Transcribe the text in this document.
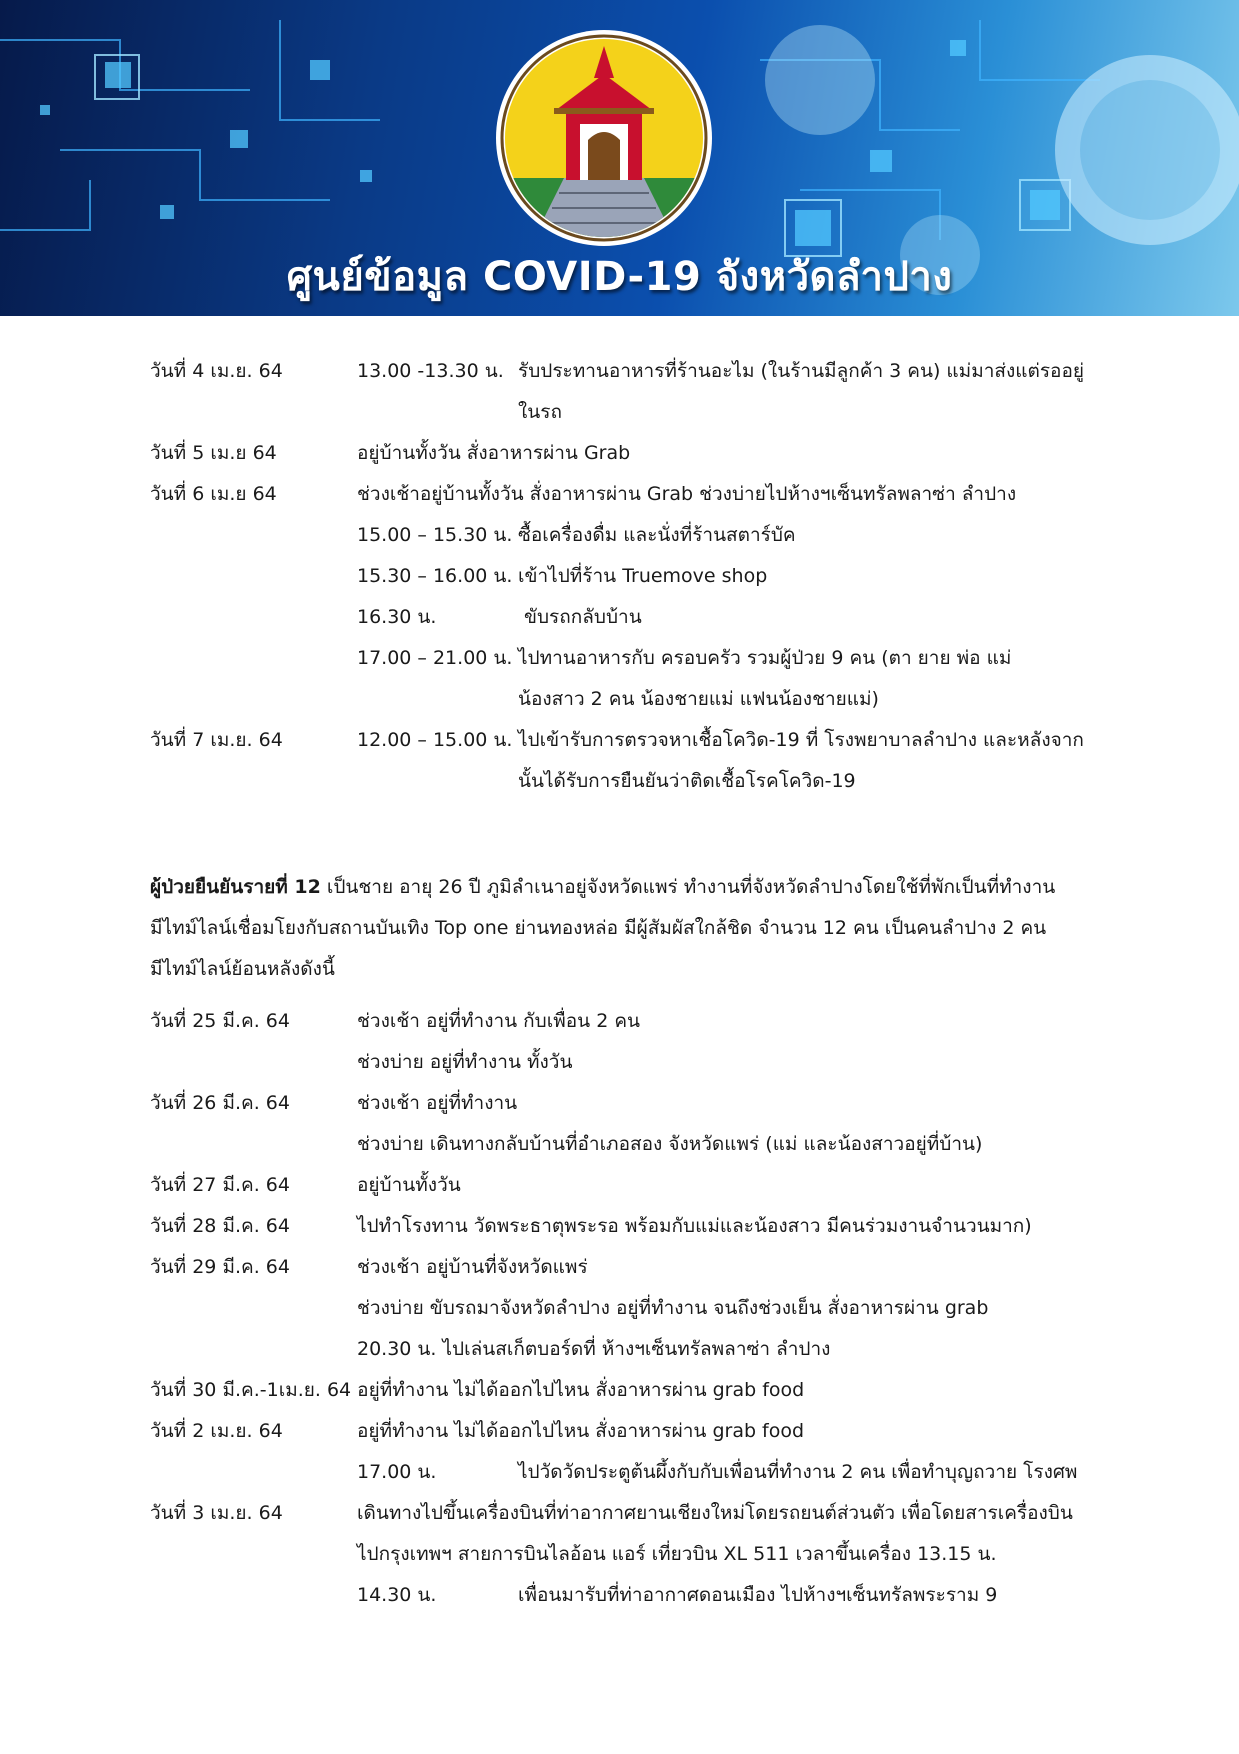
ศูนย์ข้อมูล COVID-19 จังหวัดลำปาง
วันที่ 4 เม.ย. 64	13.00 -13.30 น. รับประทานอาหารที่ร้านอะไม (ในร้านมีลูกค้า 3 คน) แม่มาส่งแต่รออยู่
ในรถ
วันที่ 5 เม.ย 64	อยู่บ้านทั้งวัน สั่งอาหารผ่าน Grab
วันที่ 6 เม.ย 64	ช่วงเช้าอยู่บ้านทั้งวัน สั่งอาหารผ่าน Grab ช่วงบ่ายไปห้างฯเซ็นทรัลพลาซ่า ลำปาง
15.00 – 15.30 น. ซื้อเครื่องดื่ม และนั่งที่ร้านสตาร์บัค
15.30 – 16.00 น. เข้าไปที่ร้าน Truemove shop
16.30 น.	ขับรถกลับบ้าน
17.00 – 21.00 น. ไปทานอาหารกับ ครอบครัว รวมผู้ป่วย 9 คน (ตา ยาย พ่อ แม่
น้องสาว 2 คน น้องชายแม่ แฟนน้องชายแม่)
วันที่ 7 เม.ย. 64	12.00 – 15.00 น. ไปเข้ารับการตรวจหาเชื้อโควิด-19 ที่ โรงพยาบาลลำปาง และหลังจาก
นั้นได้รับการยืนยันว่าติดเชื้อโรคโควิด-19
ผู้ป่วยยืนยันรายที่ 12 เป็นชาย อายุ 26 ปี ภูมิลำเนาอยู่จังหวัดแพร่ ทำงานที่จังหวัดลำปางโดยใช้ที่พักเป็นที่ทำงาน
มีไทม์ไลน์เชื่อมโยงกับสถานบันเทิง Top one ย่านทองหล่อ มีผู้สัมผัสใกล้ชิด จำนวน 12 คน เป็นคนลำปาง 2 คน
มีไทม์ไลน์ย้อนหลังดังนี้
วันที่ 25 มี.ค. 64	ช่วงเช้า อยู่ที่ทำงาน กับเพื่อน 2 คน
ช่วงบ่าย อยู่ที่ทำงาน ทั้งวัน
วันที่ 26 มี.ค. 64	ช่วงเช้า อยู่ที่ทำงาน
ช่วงบ่าย เดินทางกลับบ้านที่อำเภอสอง จังหวัดแพร่ (แม่ และน้องสาวอยู่ที่บ้าน)
วันที่ 27 มี.ค. 64	อยู่บ้านทั้งวัน
วันที่ 28 มี.ค. 64	ไปทำโรงทาน วัดพระธาตุพระรอ พร้อมกับแม่และน้องสาว มีคนร่วมงานจำนวนมาก)
วันที่ 29 มี.ค. 64	ช่วงเช้า อยู่บ้านที่จังหวัดแพร่
ช่วงบ่าย ขับรถมาจังหวัดลำปาง อยู่ที่ทำงาน จนถึงช่วงเย็น สั่งอาหารผ่าน grab
20.30 น. ไปเล่นสเก็ตบอร์ดที่ ห้างฯเซ็นทรัลพลาซ่า ลำปาง
วันที่ 30 มี.ค.-1เม.ย. 64 อยู่ที่ทำงาน ไม่ได้ออกไปไหน สั่งอาหารผ่าน grab food
วันที่ 2 เม.ย. 64	อยู่ที่ทำงาน ไม่ได้ออกไปไหน สั่งอาหารผ่าน grab food
17.00 น.	ไปวัดวัดประตูต้นผึ้งกับกับเพื่อนที่ทำงาน 2 คน เพื่อทำบุญถวาย โรงศพ
วันที่ 3 เม.ย. 64	เดินทางไปขึ้นเครื่องบินที่ท่าอากาศยานเชียงใหม่โดยรถยนต์ส่วนตัว เพื่อโดยสารเครื่องบิน
ไปกรุงเทพฯ สายการบินไลอ้อน แอร์ เที่ยวบิน XL 511 เวลาขึ้นเครื่อง 13.15 น.
14.30 น.	เพื่อนมารับที่ท่าอากาศดอนเมือง ไปห้างฯเซ็นทรัลพระราม 9
